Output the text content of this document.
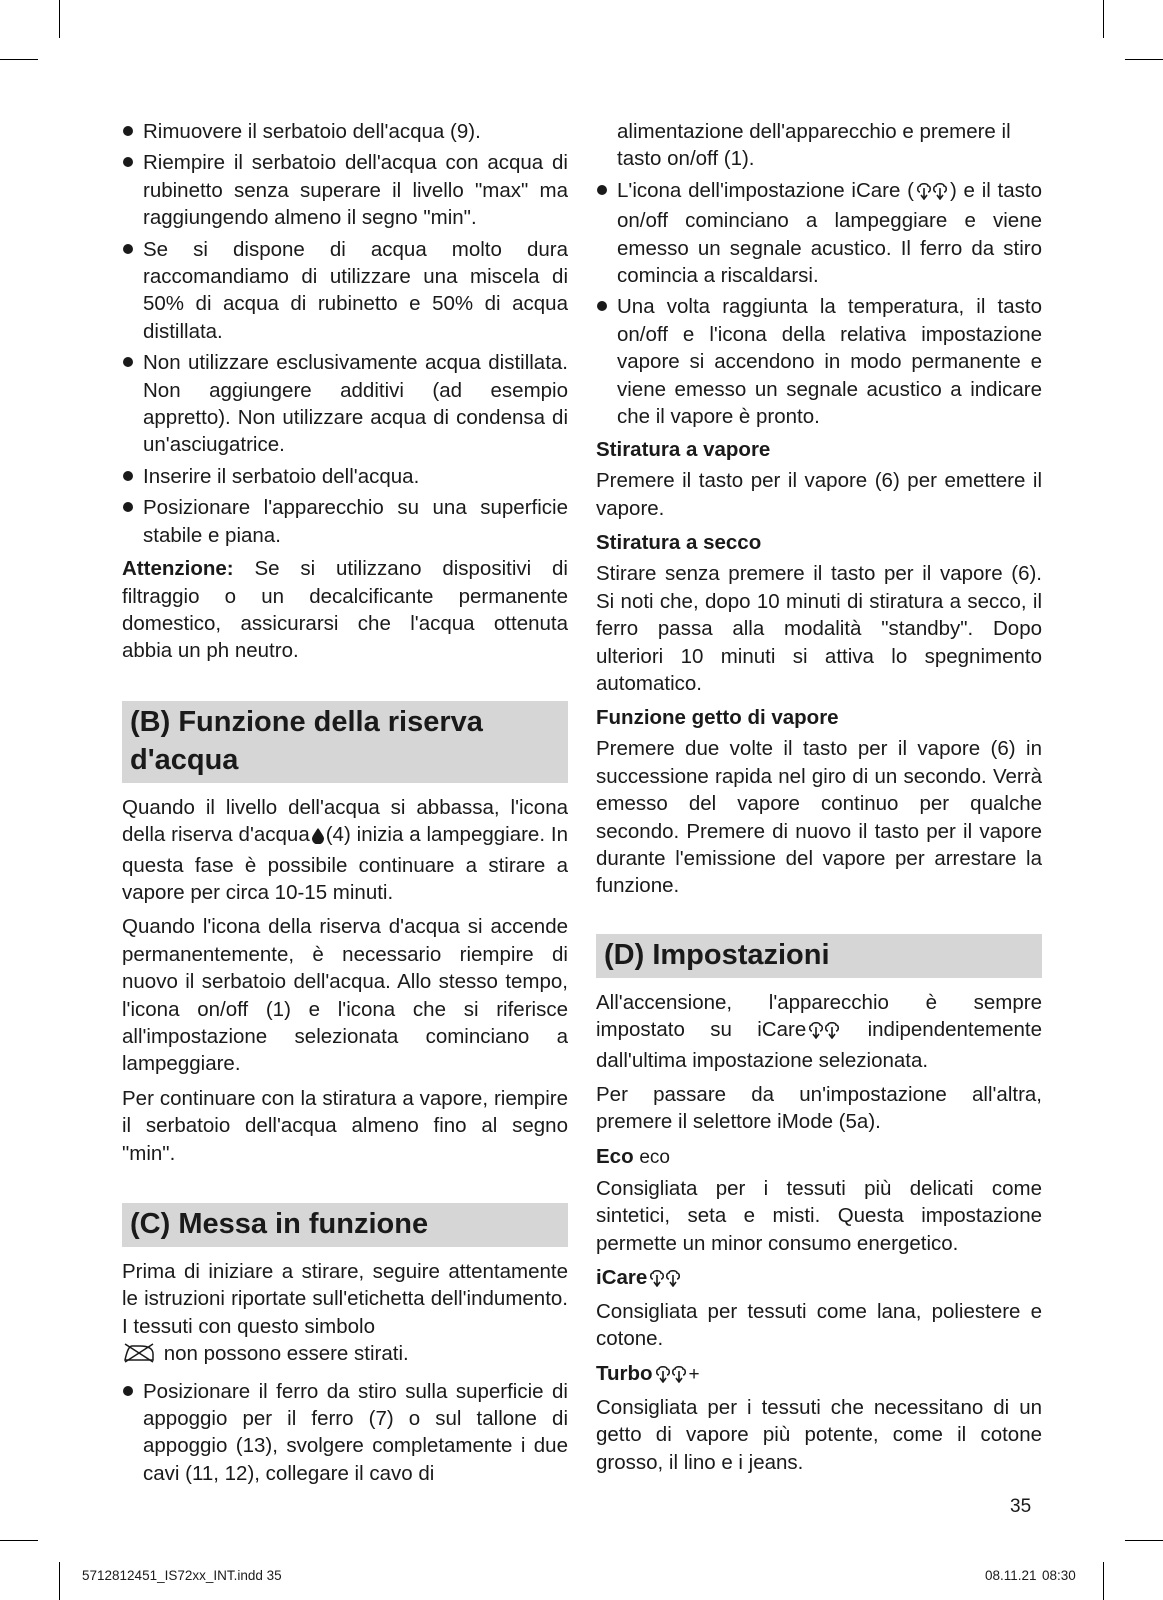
Rimuovere il serbatoio dell'acqua (9).
Riempire il serbatoio dell'acqua con acqua di rubinetto senza superare il livello "max" ma raggiungendo almeno il segno "min".
Se si dispone di acqua molto dura raccomandiamo di utilizzare una miscela di 50% di acqua di rubinetto e 50% di acqua distillata.
Non utilizzare esclusivamente acqua distillata. Non aggiungere additivi (ad esempio appretto). Non utilizzare acqua di condensa di un'asciugatrice.
Inserire il serbatoio dell'acqua.
Posizionare l'apparecchio su una superficie stabile e piana.

Attenzione: Se si utilizzano dispositivi di filtraggio o un decalcificante permanente domestico, assicurarsi che l'acqua ottenuta abbia un ph neutro.

(B) Funzione della riserva d'acqua

Quando il livello dell'acqua si abbassa, l'icona della riserva d'acqua (4) inizia a lampeggiare. In questa fase è possibile continuare a stirare a vapore per circa 10-15 minuti.

Quando l'icona della riserva d'acqua si accende permanentemente, è necessario riempire di nuovo il serbatoio dell'acqua. Allo stesso tempo, l'icona on/off (1) e l'icona che si riferisce all'impostazione selezionata cominciano a lampeggiare.

Per continuare con la stiratura a vapore, riempire il serbatoio dell'acqua almeno fino al segno "min".

(C) Messa in funzione

Prima di iniziare a stirare, seguire attentamente le istruzioni riportate sull'etichetta dell'indumento. I tessuti con questo simbolo
non possono essere stirati.

Posizionare il ferro da stiro sulla superficie di appoggio per il ferro (7) o sul tallone di appoggio (13), svolgere completamente i due cavi (11, 12), collegare il cavo di

alimentazione dell'apparecchio e premere il tasto on/off (1).

L'icona dell'impostazione iCare ( ) e il tasto on/off cominciano a lampeggiare e viene emesso un segnale acustico. Il ferro da stiro comincia a riscaldarsi.
Una volta raggiunta la temperatura, il tasto on/off e l'icona della relativa impostazione vapore si accendono in modo permanente e viene emesso un segnale acustico a indicare che il vapore è pronto.
Stiratura a vapore

Premere il tasto per il vapore (6) per emettere il vapore.

Stiratura a secco

Stirare senza premere il tasto per il vapore (6). Si noti che, dopo 10 minuti di stiratura a secco, il ferro passa alla modalità "standby". Dopo ulteriori 10 minuti si attiva lo spegnimento automatico.

Funzione getto di vapore

Premere due volte il tasto per il vapore (6) in successione rapida nel giro di un secondo. Verrà emesso del vapore continuo per qualche secondo. Premere di nuovo il tasto per il vapore durante l'emissione del vapore per arrestare la funzione.

(D) Impostazioni

All'accensione, l'apparecchio è sempre impostato su iCare indipendentemente dall'ultima impostazione selezionata.

Per passare da un'impostazione all'altra, premere il selettore iMode (5a).

Eco eco

Consigliata per i tessuti più delicati come sintetici, seta e misti. Questa impostazione permette un minor consumo energetico.

iCare

Consigliata per tessuti come lana, poliestere e cotone.

Turbo +

Consigliata per i tessuti che necessitano di un getto di vapore più potente, come il cotone grosso, il lino e i jeans.

35
5712812451_IS72xx_INT.indd 35	08.11.21 08:30
